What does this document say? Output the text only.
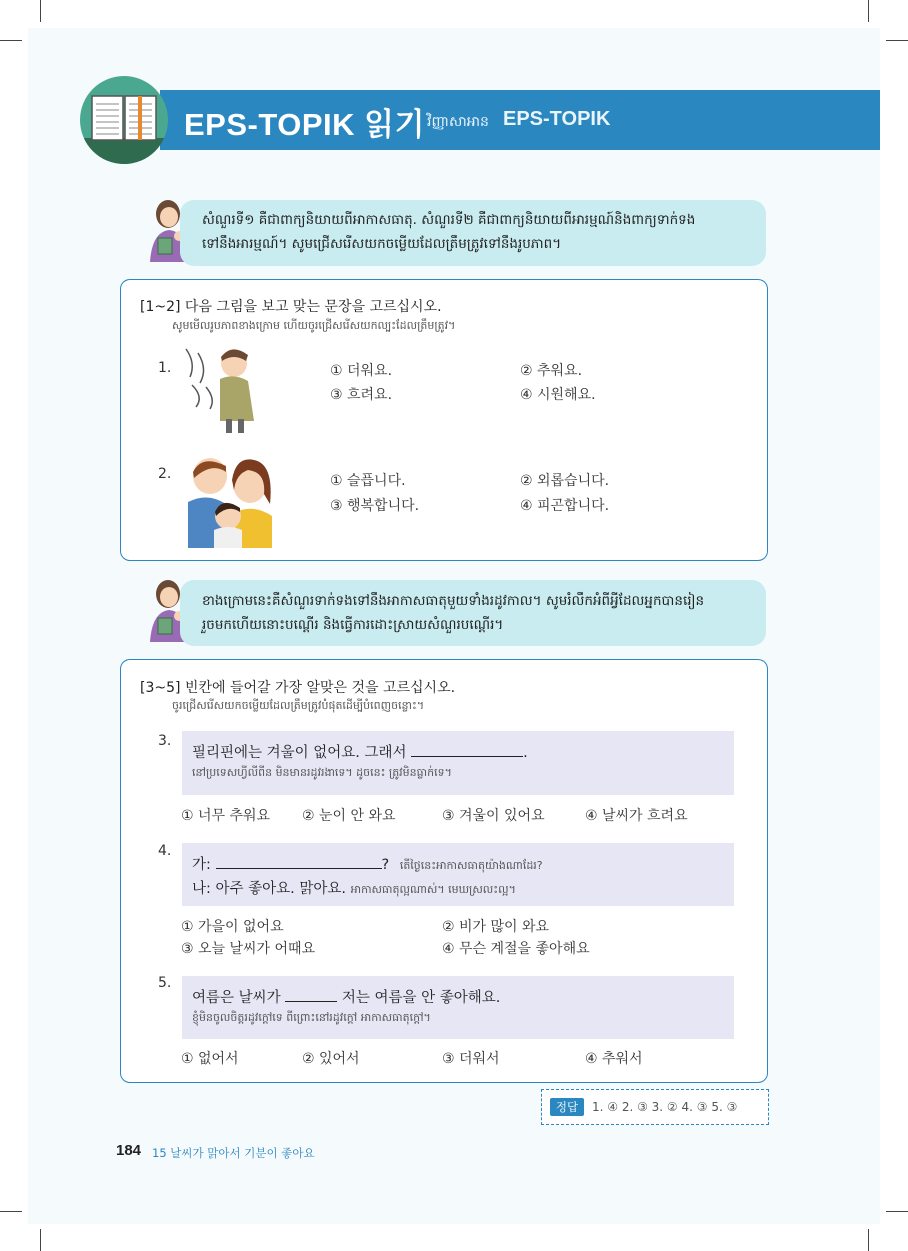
EPS-TOPIK 읽기 វិញ្ញាសាអាន EPS-TOPIK
សំណួរទី១ គឺជាពាក្យនិយាយពីអាកាសធាតុ. សំណួរទី២ គឺជាពាក្យនិយាយពីអារម្មណ៍និងពាក្យទាក់ទង
ទៅនឹងអារម្មណ៍។ សូមជ្រើសរើសយកចម្លើយដែលត្រឹមត្រូវទៅនឹងរូបភាព។
[1~2] 다음 그림을 보고 맞는 문장을 고르십시오.
សូមមើលរូបភាពខាងក្រោម ហើយចូរជ្រើសរើសយកល្បះដែលត្រឹមត្រូវ។
1.	① 더워요.	② 추워요.
③ 흐려요.	④ 시원해요.
2.	① 슬픕니다.	② 외롭습니다.
③ 행복합니다.	④ 피곤합니다.
ខាងក្រោមនេះគឺសំណួរទាក់ទងទៅនឹងអាកាសធាតុមួយទាំងរដូវកាល។ សូមរំលឹកអំពីអ្វីដែលអ្នកបានរៀន
រួចមកហើយនោះបណ្ដើរ និងធ្វើការដោះស្រាយសំណួរបណ្ដើរ។
[3~5] 빈칸에 들어갈 가장 알맞은 것을 고르십시오.
ចូរជ្រើសរើសយកចម្លើយដែលត្រឹមត្រូវបំផុតដើម្បីបំពេញចន្លោះ។
3.
필리핀에는 겨울이 없어요. 그래서	.
នៅប្រទេសហ្វីលីពីន មិនមានរដូវរងាទេ។ ដូចនេះ ត្រូវមិនធ្លាក់ទេ។
① 너무 추워요 ② 눈이 안 와요	③ 겨울이 있어요	④ 날씨가 흐려요
4.
가:	? តើថ្ងៃនេះអាកាសធាតុយ៉ាងណាដែរ?
나: 아주 좋아요. 맑아요. អាកាសធាតុល្អណាស់។ មេឃស្រលះល្អ។
① 가을이 없어요	② 비가 많이 와요
③ 오늘 날씨가 어때요	④ 무슨 계절을 좋아해요
5.
여름은 날씨가	저는 여름을 안 좋아해요.
ខ្ញុំមិនចូលចិត្តរដូវក្ដៅទេ ពីព្រោះនៅរដូវក្ដៅ អាកាសធាតុក្ដៅ។
① 없어서	② 있어서	③ 더워서	④ 추워서
정답	1. ④ 2. ③ 3. ② 4. ③ 5. ③
184 15 날씨가 맑아서 기분이 좋아요
